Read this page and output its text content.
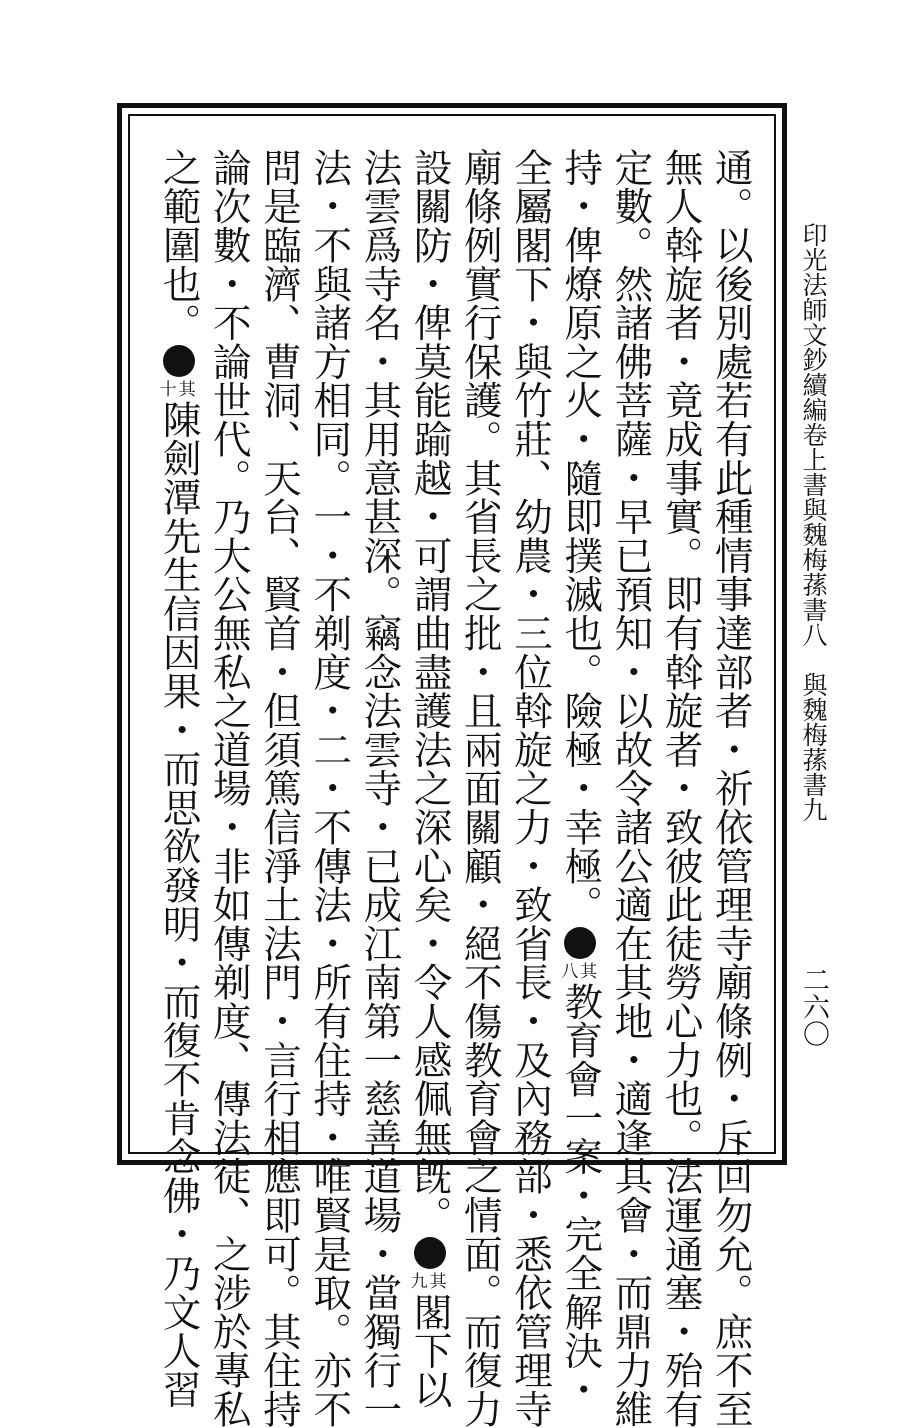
印光法師文鈔續編卷上書與魏梅蓀書八　與魏梅蓀書九
二六〇
通。以後別處若有此種情事達部者・祈依管理寺廟條例・斥回勿允。庶不至
無人斡旋者・竟成事實。即有斡旋者・致彼此徒勞心力也。法運通塞・殆有
定數。然諸佛菩薩・早已預知・以故令諸公適在其地・適逢其會・而鼎力維
持・俾燎原之火・隨即撲滅也。險極・幸極。八其教育會一案・完全解決・
全屬閣下・與竹莊、幼農・三位斡旋之力・致省長・及內務部・悉依管理寺
廟條例實行保護。其省長之批・且兩面關顧・絕不傷教育會之情面。而復力
設關防・俾莫能踰越・可謂曲盡護法之深心矣・令人感佩無旣。九其閣下以
法雲爲寺名・其用意甚深。竊念法雲寺・已成江南第一慈善道場・當獨行一
法・不與諸方相同。一・不剃度・二・不傳法・所有住持・唯賢是取。亦不
問是臨濟、曹洞、天台、賢首・但須篤信淨土法門・言行相應即可。其住持
論次數・不論世代。乃大公無私之道場・非如傳剃度、傳法徒、之涉於專私
之範圍也。十其陳劍潭先生信因果・而思欲發明・而復不肯念佛・乃文人習
